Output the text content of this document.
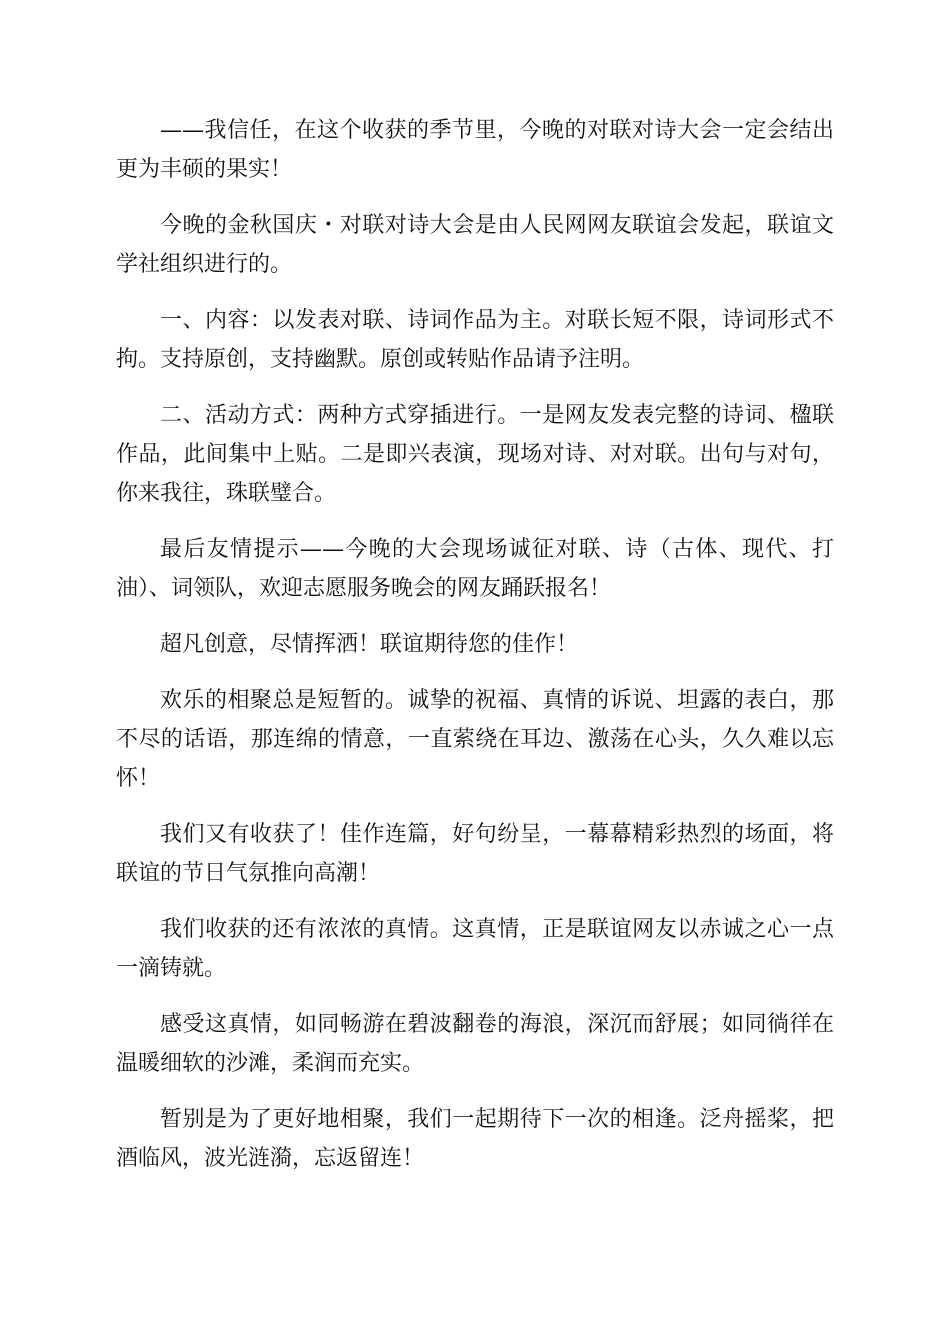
——我信任，在这个收获的季节里，今晚的对联对诗大会一定会结出更为丰硕的果实！

今晚的金秋国庆・对联对诗大会是由人民网网友联谊会发起，联谊文学社组织进行的。

一、内容：以发表对联、诗词作品为主。对联长短不限，诗词形式不拘。支持原创，支持幽默。原创或转贴作品请予注明。

二、活动方式：两种方式穿插进行。一是网友发表完整的诗词、楹联作品，此间集中上贴。二是即兴表演，现场对诗、对对联。出句与对句，你来我往，珠联璧合。

最后友情提示——今晚的大会现场诚征对联、诗（古体、现代、打油）、词领队，欢迎志愿服务晚会的网友踊跃报名！

超凡创意，尽情挥洒！联谊期待您的佳作！

欢乐的相聚总是短暂的。诚挚的祝福、真情的诉说、坦露的表白，那不尽的话语，那连绵的情意，一直萦绕在耳边、激荡在心头，久久难以忘怀！

我们又有收获了！佳作连篇，好句纷呈，一幕幕精彩热烈的场面，将联谊的节日气氛推向高潮！

我们收获的还有浓浓的真情。这真情，正是联谊网友以赤诚之心一点一滴铸就。

感受这真情，如同畅游在碧波翻卷的海浪，深沉而舒展；如同徜徉在温暖细软的沙滩，柔润而充实。

暂别是为了更好地相聚，我们一起期待下一次的相逢。泛舟摇桨，把酒临风，波光涟漪，忘返留连！
